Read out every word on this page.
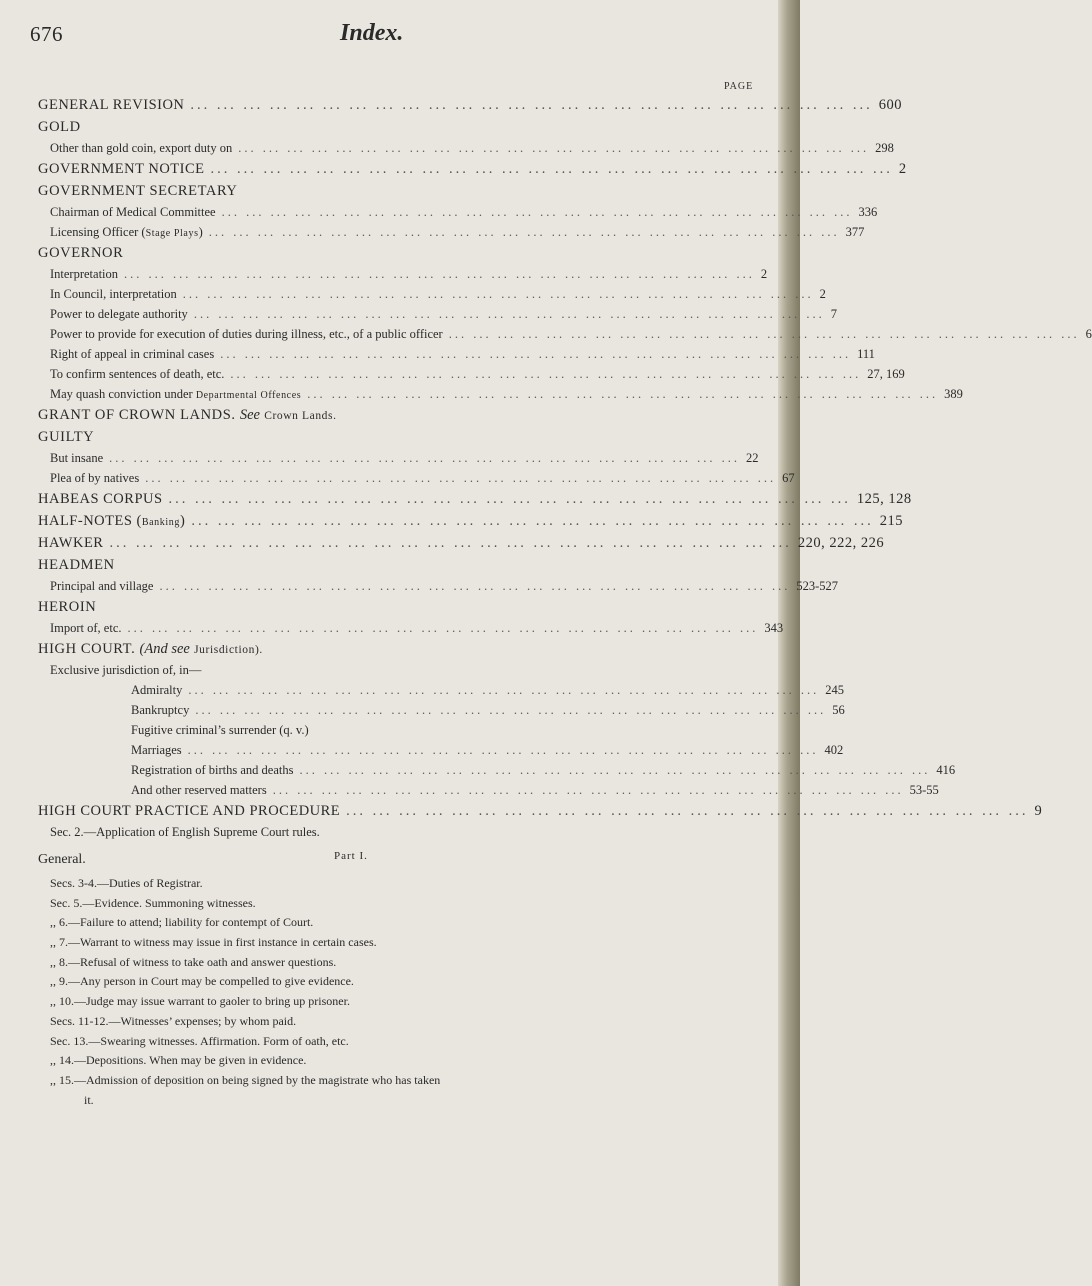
676	Index.
PAGE
GENERAL REVISION ... ... ... ... ... ... ... ... ... ... ... ... ... ... ... ... ... ... ... ... ... ... ... ... ... ... 600
GOLD
Other than gold coin, export duty on ... ... ... ... ... ... ... ... ... ... ... ... ... ... ... ... ... ... ... ... ... ... ... ... ... ... 298
GOVERNMENT NOTICE ... ... ... ... ... ... ... ... ... ... ... ... ... ... ... ... ... ... ... ... ... ... ... ... ... ... 2
GOVERNMENT SECRETARY
Chairman of Medical Committee ... ... ... ... ... ... ... ... ... ... ... ... ... ... ... ... ... ... ... ... ... ... ... ... ... ... 336
Licensing Officer (Stage Plays) ... ... ... ... ... ... ... ... ... ... ... ... ... ... ... ... ... ... ... ... ... ... ... ... ... ... 377
GOVERNOR
Interpretation ... ... ... ... ... ... ... ... ... ... ... ... ... ... ... ... ... ... ... ... ... ... ... ... ... ... 2
In Council, interpretation ... ... ... ... ... ... ... ... ... ... ... ... ... ... ... ... ... ... ... ... ... ... ... ... ... ... 2
Power to delegate authority ... ... ... ... ... ... ... ... ... ... ... ... ... ... ... ... ... ... ... ... ... ... ... ... ... ... 7
Power to provide for execution of duties during illness, etc., of a public officer ... ... ... ... ... ... ... ... ... ... ... ... ... ... ... ... ... ... ... ... ... ... ... ... ... ... 6
Right of appeal in criminal cases ... ... ... ... ... ... ... ... ... ... ... ... ... ... ... ... ... ... ... ... ... ... ... ... ... ... 111
To confirm sentences of death, etc. ... ... ... ... ... ... ... ... ... ... ... ... ... ... ... ... ... ... ... ... ... ... ... ... ... ... 27, 169
May quash conviction under Departmental Offences ... ... ... ... ... ... ... ... ... ... ... ... ... ... ... ... ... ... ... ... ... ... ... ... ... ... 389
GRANT OF CROWN LANDS. See Crown Lands.
GUILTY
But insane ... ... ... ... ... ... ... ... ... ... ... ... ... ... ... ... ... ... ... ... ... ... ... ... ... ... 22
Plea of by natives ... ... ... ... ... ... ... ... ... ... ... ... ... ... ... ... ... ... ... ... ... ... ... ... ... ... 67
HABEAS CORPUS ... ... ... ... ... ... ... ... ... ... ... ... ... ... ... ... ... ... ... ... ... ... ... ... ... ... 125, 128
HALF-NOTES (Banking) ... ... ... ... ... ... ... ... ... ... ... ... ... ... ... ... ... ... ... ... ... ... ... ... ... ... 215
HAWKER ... ... ... ... ... ... ... ... ... ... ... ... ... ... ... ... ... ... ... ... ... ... ... ... ... ... 220, 222, 226
HEADMEN
Principal and village ... ... ... ... ... ... ... ... ... ... ... ... ... ... ... ... ... ... ... ... ... ... ... ... ... ... 523-527
HEROIN
Import of, etc. ... ... ... ... ... ... ... ... ... ... ... ... ... ... ... ... ... ... ... ... ... ... ... ... ... ... 343
HIGH COURT. (And see Jurisdiction).
Exclusive jurisdiction of, in—
Admiralty ... ... ... ... ... ... ... ... ... ... ... ... ... ... ... ... ... ... ... ... ... ... ... ... ... ... 245
Bankruptcy ... ... ... ... ... ... ... ... ... ... ... ... ... ... ... ... ... ... ... ... ... ... ... ... ... ... 56
Fugitive criminal’s surrender (q. v.)
Marriages ... ... ... ... ... ... ... ... ... ... ... ... ... ... ... ... ... ... ... ... ... ... ... ... ... ... 402
Registration of births and deaths ... ... ... ... ... ... ... ... ... ... ... ... ... ... ... ... ... ... ... ... ... ... ... ... ... ... 416
And other reserved matters ... ... ... ... ... ... ... ... ... ... ... ... ... ... ... ... ... ... ... ... ... ... ... ... ... ... 53-55
HIGH COURT PRACTICE AND PROCEDURE ... ... ... ... ... ... ... ... ... ... ... ... ... ... ... ... ... ... ... ... ... ... ... ... ... ... 9
Sec. 2.—Application of English Supreme Court rules.
General.	Part I.
Secs. 3-4.—Duties of Registrar.
Sec. 5.—Evidence. Summoning witnesses.
,, 6.—Failure to attend; liability for contempt of Court.
,, 7.—Warrant to witness may issue in first instance in certain cases.
,, 8.—Refusal of witness to take oath and answer questions.
,, 9.—Any person in Court may be compelled to give evidence.
,, 10.—Judge may issue warrant to gaoler to bring up prisoner.
Secs. 11-12.—Witnesses’ expenses; by whom paid.
Sec. 13.—Swearing witnesses. Affirmation. Form of oath, etc.
,, 14.—Depositions. When may be given in evidence.
,, 15.—Admission of deposition on being signed by the magistrate who has taken
it.
